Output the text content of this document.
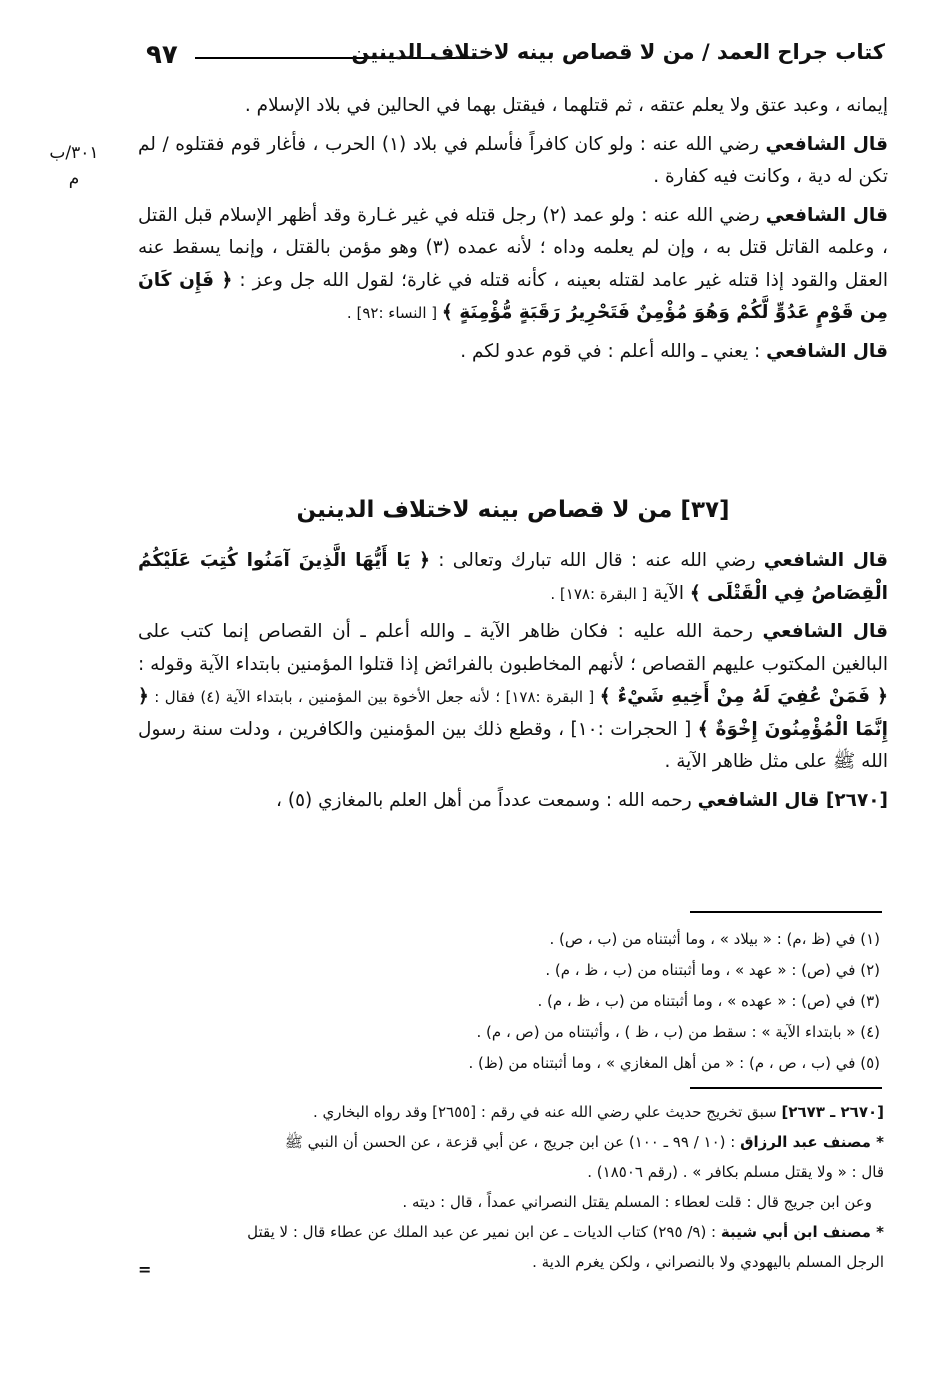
٩٧	كتاب جراح العمد / من لا قصاص بينه لاختلاف الدينين
٣٠١/ب
م

إيمانه ، وعبد عتق ولا يعلم عتقه ، ثم قتلهما ، فيقتل بهما في الحالين في بلاد الإسلام .

قال الشافعي رضي الله عنه : ولو كان كافراً فأسلم في بلاد (١) الحرب ، فأغار قوم فقتلوه / لم تكن له دية ، وكانت فيه كفارة .

قال الشافعي رضي الله عنه : ولو عمد (٢) رجل قتله في غير غـارة وقد أظهر الإسلام قبل القتل ، وعلمه القاتل قتل به ، وإن لم يعلمه وداه ؛ لأنه عمده (٣) وهو مؤمن بالقتل ، وإنما يسقط عنه العقل والقود إذا قتله غير عامد لقتله بعينه ، كأنه قتله في غارة؛ لقول الله جل وعز : ﴿ فَإِن كَانَ مِن قَوْمٍ عَدُوٍّ لَّكُمْ وَهُوَ مُؤْمِنٌ فَتَحْرِيرُ رَقَبَةٍ مُّؤْمِنَةٍ ﴾ [ النساء :٩٢] .

قال الشافعي : يعني ـ والله أعلم : في قوم عدو لكم .

[٣٧] من لا قصاص بينه لاختلاف الدينين

قال الشافعي رضي الله عنه : قال الله تبارك وتعالى : ﴿ يَا أَيُّهَا الَّذِينَ آمَنُوا كُتِبَ عَلَيْكُمُ الْقِصَاصُ فِي الْقَتْلَى ﴾ الآية [ البقرة :١٧٨] .

قال الشافعي رحمة الله عليه : فكان ظاهر الآية ـ والله أعلم ـ أن القصاص إنما كتب على البالغين المكتوب عليهم القصاص ؛ لأنهم المخاطبون بالفرائض إذا قتلوا المؤمنين بابتداء الآية وقوله : ﴿ فَمَنْ عُفِيَ لَهُ مِنْ أَخِيهِ شَيْءٌ ﴾ [ البقرة :١٧٨] ؛ لأنه جعل الأخوة بين المؤمنين ، بابتداء الآية (٤) فقال : ﴿ إِنَّمَا الْمُؤْمِنُونَ إِخْوَةٌ ﴾ [ الحجرات :١٠] ، وقطع ذلك بين المؤمنين والكافرين ، ودلت سنة رسول الله ﷺ على مثل ظاهر الآية .

[٢٦٧٠] قال الشافعي رحمه الله : وسمعت عدداً من أهل العلم بالمغازي (٥) ،

(١) في (ظ ،م) : « بيلاد » ، وما أثبتناه من (ب ، ص) .
(٢) في (ص) : « عهد » ، وما أثبتناه من (ب ، ظ ، م) .
(٣) في (ص) : « عهده » ، وما أثبتناه من (ب ، ظ ، م) .
(٤) « بابتداء الآية » : سقط من (ب ، ظ ) ، وأثبتناه من (ص ، م) .
(٥) في (ب ، ص ، م) : « من أهل المغازي » ، وما أثبتناه من (ظ) .
[٢٦٧٠ ـ ٢٦٧٣] سبق تخريج حديث علي رضي الله عنه في رقم : [٢٦٥٥] وقد رواه البخاري .
* مصنف عبد الرزاق : (١٠ / ٩٩ ـ ١٠٠) عن ابن جريج ، عن أبي قزعة ، عن الحسن أن النبي ﷺ
قال : « ولا يقتل مسلم بكافر » . (رقم ١٨٥٠٦) .
وعن ابن جريج قال : قلت لعطاء : المسلم يقتل النصراني عمداً ، قال : ديته .
* مصنف ابن أبي شيبة : (٩/ ٢٩٥) كتاب الديات ـ عن ابن نمير عن عبد الملك عن عطاء قال : لا يقتل
الرجل المسلم باليهودي ولا بالنصراني ، ولكن يغرم الدية .
=
